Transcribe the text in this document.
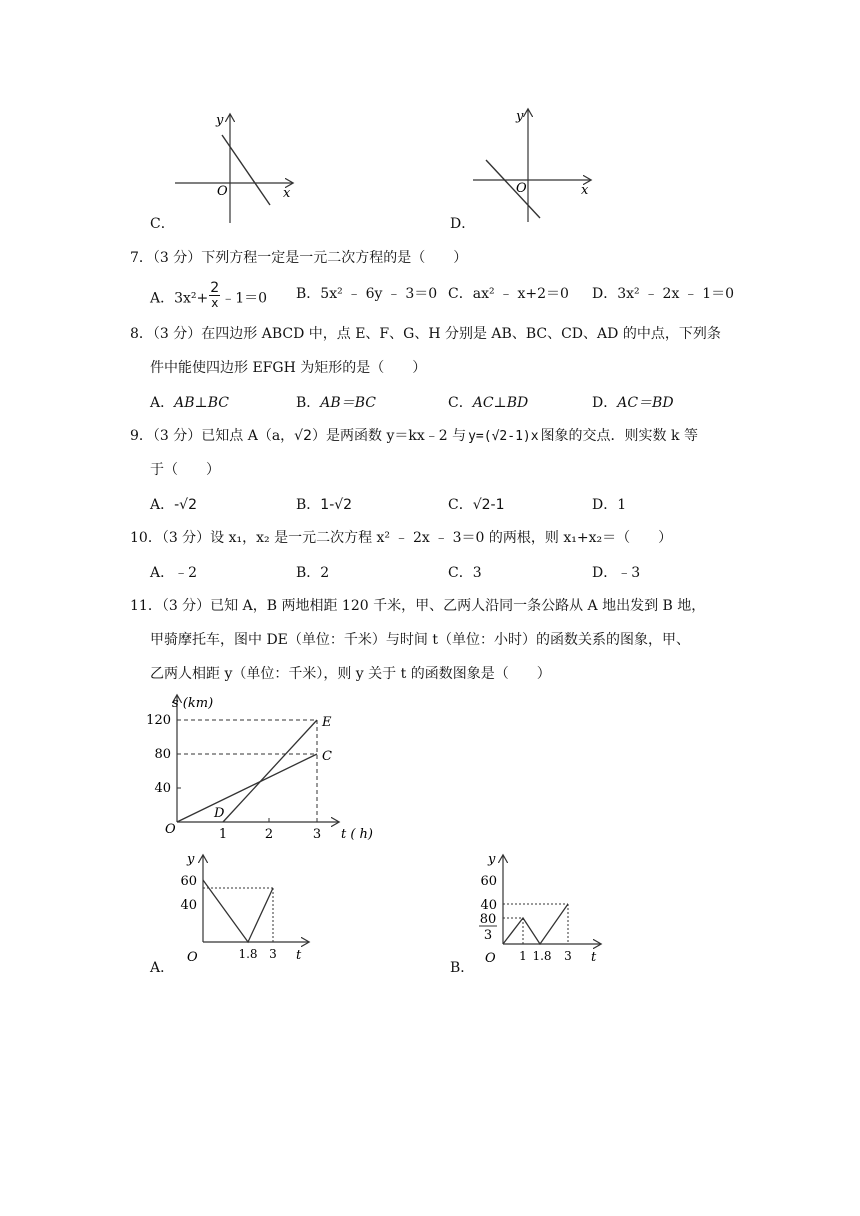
y
x
O
C．
y
x
O
D．
7．（3 分）下列方程一定是一元二次方程的是（　　）
A．$3x^2+ \frac{2}{x}$ ﹣1＝0 B．5x² ﹣ 6y ﹣ 3＝0 C．ax² ﹣ x+2＝0 D．3x² ﹣ 2x ﹣ 1＝0
8．（3 分）在四边形 ABCD 中，点 E、F、G、H 分别是 AB、BC、CD、AD 的中点，下列条
件中能使四边形 EFGH 为矩形的是（　　）
A．AB⊥BC	B．AB＝BC	C．AC⊥BD	D．AC＝BD
9．（3 分）已知点 A（a，√2）是两函数 y＝kx﹣2 与 y=(√2-1)x 图象的交点．则实数 k 等
于（　　）
A．-√2	B．1-√2	C．√2-1	D．1
10．（3 分）设 x₁，x₂ 是一元二次方程 x² ﹣ 2x ﹣ 3＝0 的两根，则 x₁+x₂＝（　　）
A．﹣2	B．2	C．3	D．﹣3
11．（3 分）已知 A，B 两地相距 120 千米，甲、乙两人沿同一条公路从 A 地出发到 B 地，
甲骑摩托车，图中 DE（单位：千米）与时间 t（单位：小时）的函数关系的图象，甲、
乙两人相距 y（单位：千米），则 y 关于 t 的函数图象是（　　）
s (km)
120
80
40
O	1	2	3 t ( h)
E
C
D
y
60
40
O	1.8 3 t
A．
y
60
40
80
3
O 1 1.8 3 t
B．
